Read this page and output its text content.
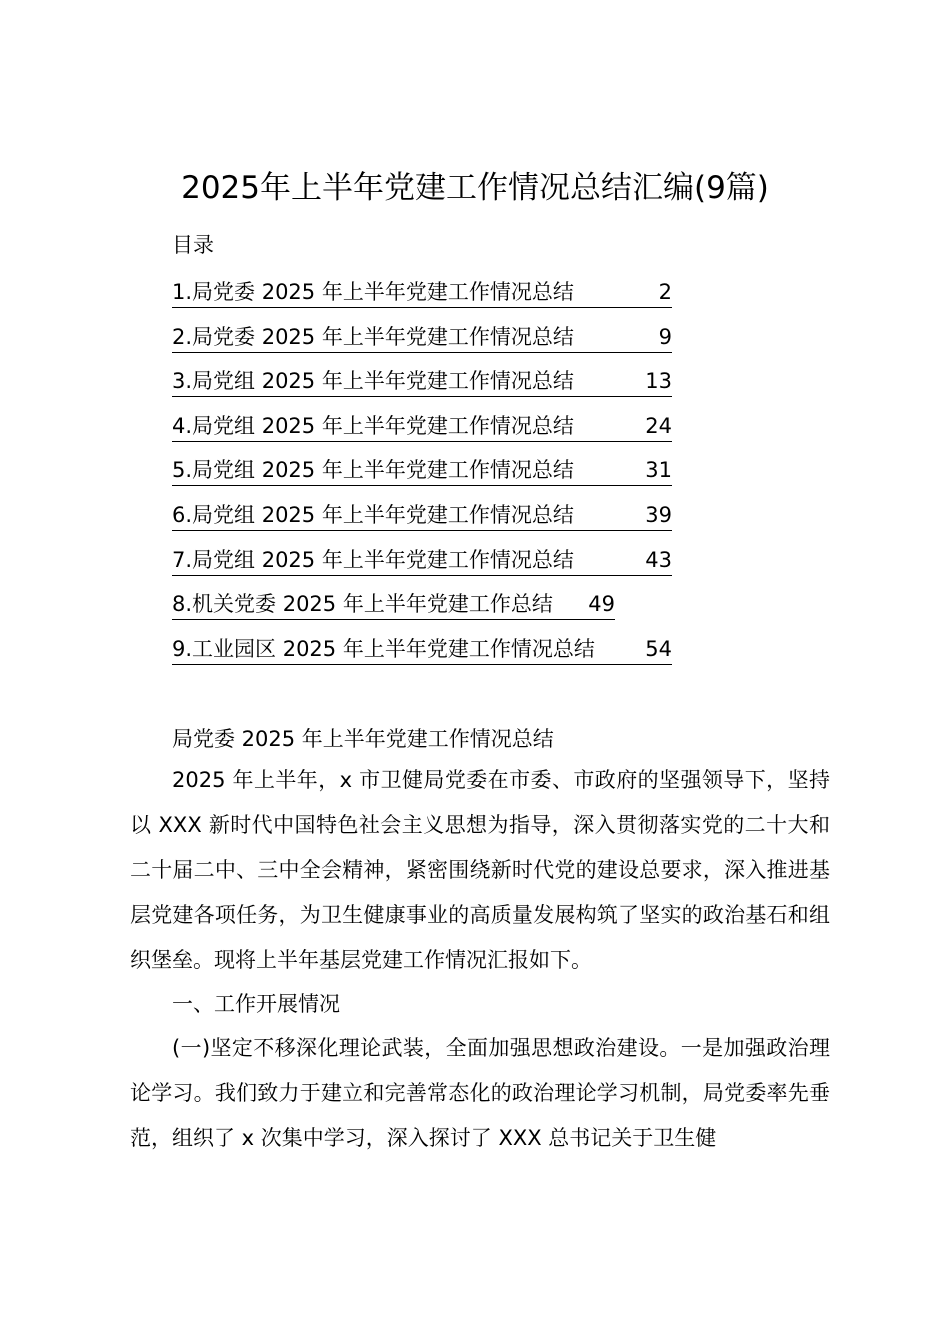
2025年上半年党建工作情况总结汇编(9篇)
目录
1.局党委 2025 年上半年党建工作情况总结	2
2.局党委 2025 年上半年党建工作情况总结	9
3.局党组 2025 年上半年党建工作情况总结	13
4.局党组 2025 年上半年党建工作情况总结	24
5.局党组 2025 年上半年党建工作情况总结	31
6.局党组 2025 年上半年党建工作情况总结	39
7.局党组 2025 年上半年党建工作情况总结	43
8.机关党委 2025 年上半年党建工作总结 49
9.工业园区 2025 年上半年党建工作情况总结 54
局党委 2025 年上半年党建工作情况总结

2025 年上半年，x 市卫健局党委在市委、市政府的坚强领导下，坚持以 XXX 新时代中国特色社会主义思想为指导，深入贯彻落实党的二十大和二十届二中、三中全会精神，紧密围绕新时代党的建设总要求，深入推进基层党建各项任务，为卫生健康事业的高质量发展构筑了坚实的政治基石和组织堡垒。现将上半年基层党建工作情况汇报如下。

一、工作开展情况

(一)坚定不移深化理论武装，全面加强思想政治建设。一是加强政治理论学习。我们致力于建立和完善常态化的政治理论学习机制，局党委率先垂范，组织了 x 次集中学习，深入探讨了 XXX 总书记关于卫生健
